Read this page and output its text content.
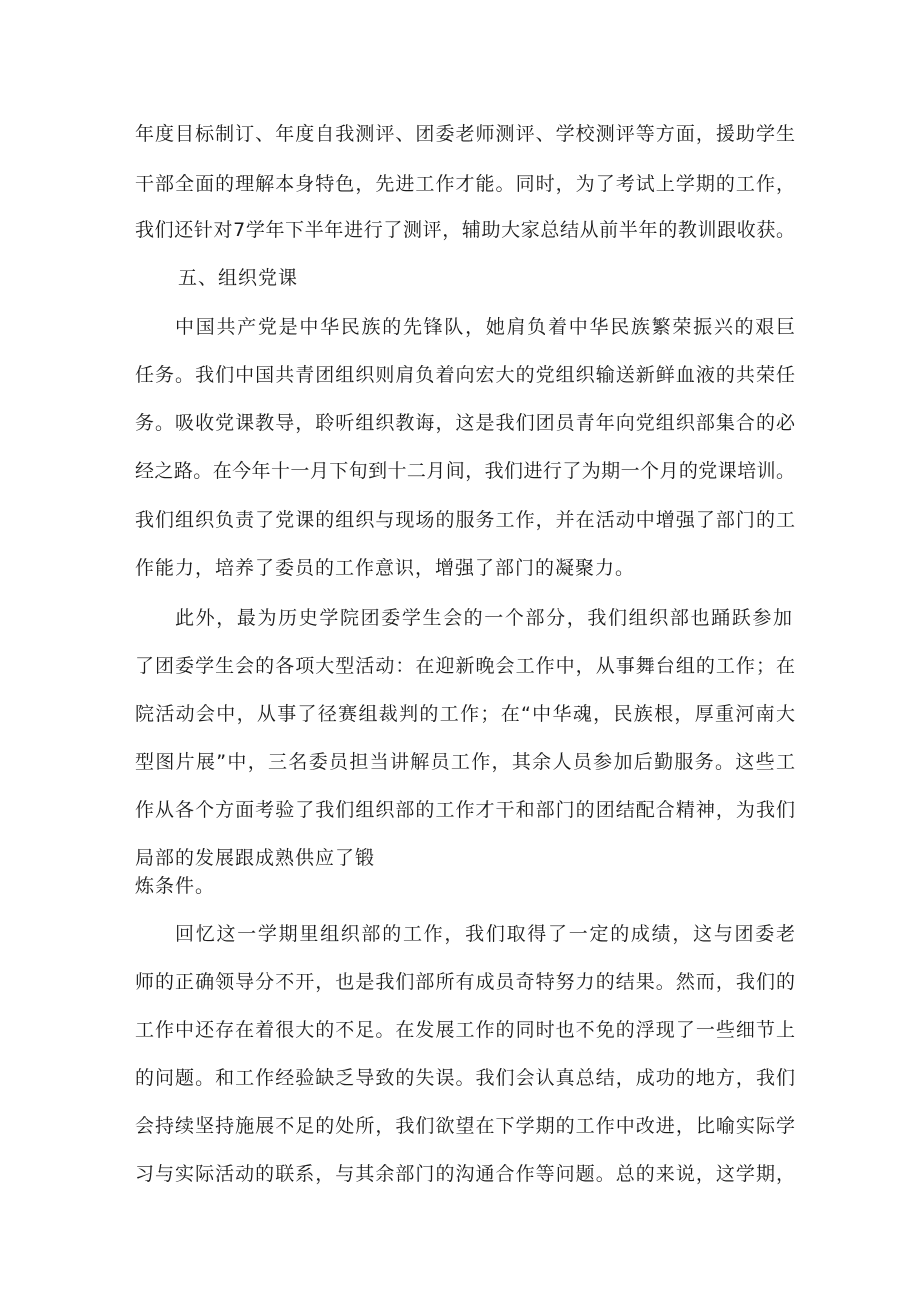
年度目标制订、年度自我测评、团委老师测评、学校测评等方面，援助学生
干部全面的理解本身特色，先进工作才能。同时，为了考试上学期的工作，
我们还针对7学年下半年进行了测评，辅助大家总结从前半年的教训跟收获。
五、组织党课
中国共产党是中华民族的先锋队，她肩负着中华民族繁荣振兴的艰巨
任务。我们中国共青团组织则肩负着向宏大的党组织输送新鲜血液的共荣任
务。吸收党课教导，聆听组织教诲，这是我们团员青年向党组织部集合的必
经之路。在今年十一月下旬到十二月间，我们进行了为期一个月的党课培训。
我们组织负责了党课的组织与现场的服务工作，并在活动中增强了部门的工
作能力，培养了委员的工作意识，增强了部门的凝聚力。
此外，最为历史学院团委学生会的一个部分，我们组织部也踊跃参加
了团委学生会的各项大型活动：在迎新晚会工作中，从事舞台组的工作；在
院活动会中，从事了径赛组裁判的工作；在“中华魂，民族根，厚重河南大
型图片展”中，三名委员担当讲解员工作，其余人员参加后勤服务。这些工
作从各个方面考验了我们组织部的工作才干和部门的团结配合精神，为我们
局部的发展跟成熟供应了锻
炼条件。
回忆这一学期里组织部的工作，我们取得了一定的成绩，这与团委老
师的正确领导分不开，也是我们部所有成员奇特努力的结果。然而，我们的
工作中还存在着很大的不足。在发展工作的同时也不免的浮现了一些细节上
的问题。和工作经验缺乏导致的失误。我们会认真总结，成功的地方，我们
会持续坚持施展不足的处所，我们欲望在下学期的工作中改进，比喻实际学
习与实际活动的联系，与其余部门的沟通合作等问题。总的来说，这学期，
